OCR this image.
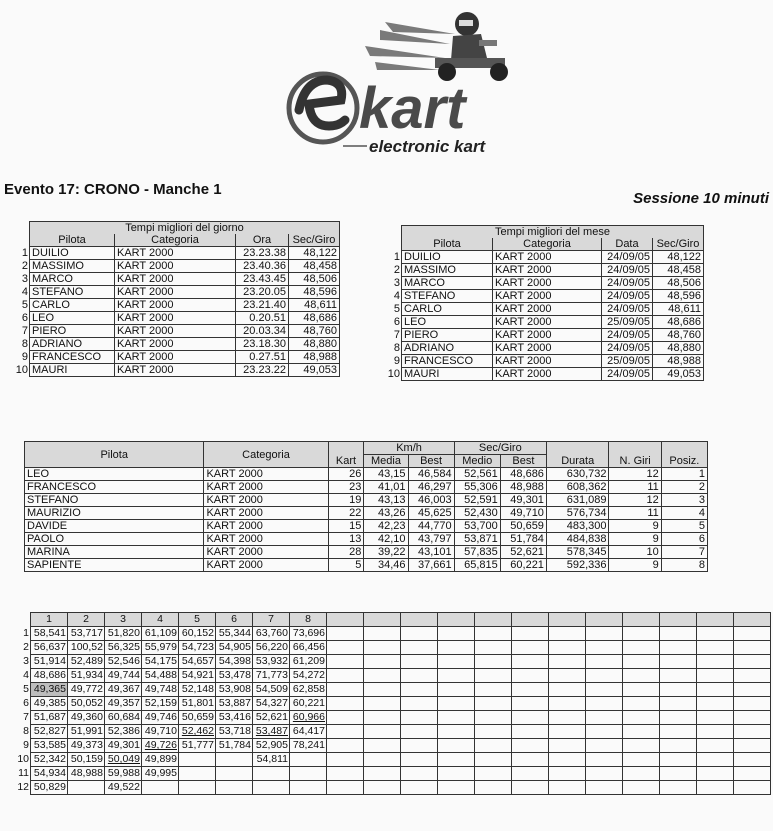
kart
electronic kart
Evento 17: CRONO - Manche 1
Sessione 10 minuti
	Tempi migliori del giorno			
	Pilota	Categoria	Ora	Sec/Giro
1	DUILIO	KART 2000	23.23.38	48,122
2	MASSIMO	KART 2000	23.40.36	48,458
3	MARCO	KART 2000	23.43.45	48,506
4	STEFANO	KART 2000	23.20.05	48,596
5	CARLO	KART 2000	23.21.40	48,611
6	LEO	KART 2000	0.20.51	48,686
7	PIERO	KART 2000	20.03.34	48,760
8	ADRIANO	KART 2000	23.18.30	48,880
9	FRANCESCO	KART 2000	0.27.51	48,988
10	MAURI	KART 2000	23.23.22	49,053
	Tempi migliori del mese			
	Pilota	Categoria	Data	Sec/Giro
1	DUILIO	KART 2000	24/09/05	48,122
2	MASSIMO	KART 2000	24/09/05	48,458
3	MARCO	KART 2000	24/09/05	48,506
4	STEFANO	KART 2000	24/09/05	48,596
5	CARLO	KART 2000	24/09/05	48,611
6	LEO	KART 2000	25/09/05	48,686
7	PIERO	KART 2000	24/09/05	48,760
8	ADRIANO	KART 2000	24/09/05	48,880
9	FRANCESCO	KART 2000	25/09/05	48,988
10	MAURI	KART 2000	24/09/05	49,053
Pilota	Categoria	Kart	Km/h		Sec/Giro		Durata	N. Giri	Posiz.
			Media	Best	Medio	Best			
LEO	KART 2000	26	43,15	46,584	52,561	48,686	630,732	12	1
FRANCESCO	KART 2000	23	41,01	46,297	55,306	48,988	608,362	11	2
STEFANO	KART 2000	19	43,13	46,003	52,591	49,301	631,089	12	3
MAURIZIO	KART 2000	22	43,26	45,625	52,430	49,710	576,734	11	4
DAVIDE	KART 2000	15	42,23	44,770	53,700	50,659	483,300	9	5
PAOLO	KART 2000	13	42,10	43,797	53,871	51,784	484,838	9	6
MARINA	KART 2000	28	39,22	43,101	57,835	52,621	578,345	10	7
SAPIENTE	KART 2000	5	34,46	37,661	65,815	60,221	592,336	9	8
	1	2	3	4	5	6	7	8												
1	58,541	53,717	51,820	61,109	60,152	55,344	63,760	73,696												
2	56,637	100,52	56,325	55,979	54,723	54,905	56,220	66,456												
3	51,914	52,489	52,546	54,175	54,657	54,398	53,932	61,209												
4	48,686	51,934	49,744	54,488	54,921	53,478	71,773	54,272												
5	49,365	49,772	49,367	49,748	52,148	53,908	54,509	62,858												
6	49,385	50,052	49,357	52,159	51,801	53,887	54,327	60,221												
7	51,687	49,360	60,684	49,746	50,659	53,416	52,621	60,966												
8	52,827	51,991	52,386	49,710	52,462	53,718	53,487	64,417												
9	53,585	49,373	49,301	49,726	51,777	51,784	52,905	78,241												
10	52,342	50,159	50,049	49,899			54,811													
11	54,934	48,988	59,988	49,995																
12	50,829		49,522																	
